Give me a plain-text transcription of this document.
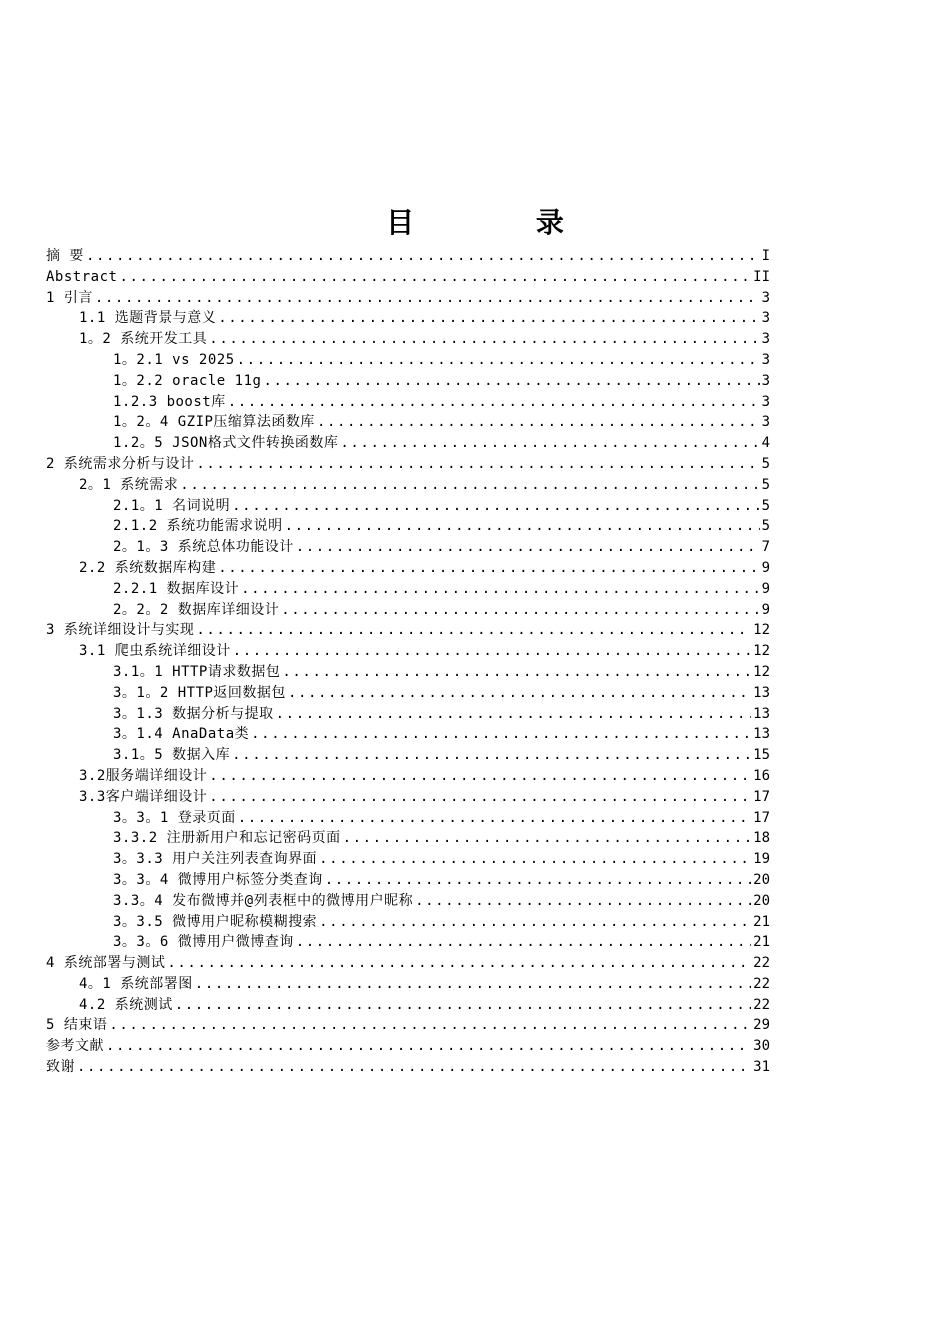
目 录
摘 要 .....	I
Abstract .....	II
1 引言 .....	3
1.1 选题背景与意义 .....	3
1。2 系统开发工具 .....	3
1。2.1 vs 2025 .....	3
1。2.2 oracle 11g .....	3
1.2.3 boost库 .....	3
1。2。4 GZIP压缩算法函数库 .....	3
1.2。5 JSON格式文件转换函数库 .....	4
2 系统需求分析与设计 .....	5
2。1 系统需求 .....	5
2.1。1 名词说明 .....	5
2.1.2 系统功能需求说明 .....	5
2。1。3 系统总体功能设计 .....	7
2.2 系统数据库构建 .....	9
2.2.1 数据库设计 .....	9
2。2。2 数据库详细设计 .....	9
3 系统详细设计与实现 .....	12
3.1 爬虫系统详细设计 .....	12
3.1。1 HTTP请求数据包 .....	12
3。1。2 HTTP返回数据包 .....	13
3。1.3 数据分析与提取 .....	13
3。1.4 AnaData类 .....	13
3.1。5 数据入库 .....	15
3.2服务端详细设计 .....	16
3.3客户端详细设计 .....	17
3。3。1 登录页面 .....	17
3.3.2 注册新用户和忘记密码页面 .....	18
3。3.3 用户关注列表查询界面 .....	19
3。3。4 微博用户标签分类查询 .....	20
3.3。4 发布微博并@列表框中的微博用户昵称 .....	20
3。3.5 微博用户昵称模糊搜索 .....	21
3。3。6 微博用户微博查询 .....	21
4 系统部署与测试 .....	22
4。1 系统部署图 .....	22
4.2 系统测试 .....	22
5 结束语 .....	29
参考文献 .....	30
致谢 .....	31
